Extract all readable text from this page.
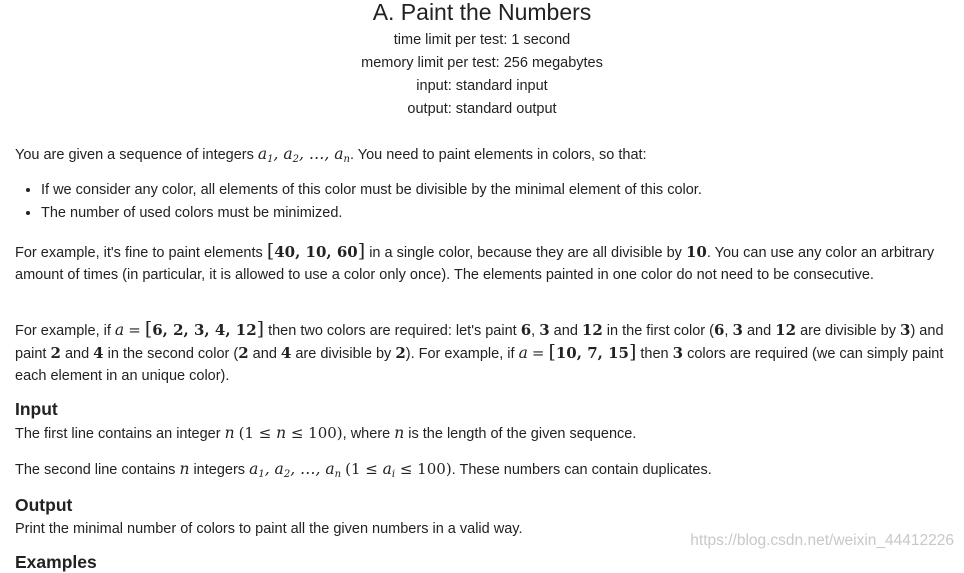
A. Paint the Numbers
time limit per test: 1 second
memory limit per test: 256 megabytes
input: standard input
output: standard output
You are given a sequence of integers $a_1$, $a_2$, …, $a_n$. You need to paint elements in colors, so that:
• If we consider any color, all elements of this color must be divisible by the minimal element of this color.
• The number of used colors must be minimized.
For example, it's fine to paint elements [40, 10, 60] in a single color, because they are all divisible by 10. You can use any color an arbitrary amount of times (in particular, it is allowed to use a color only once). The elements painted in one color do not need to be consecutive.
For example, if a = [6, 2, 3, 4, 12] then two colors are required: let's paint 6, 3 and 12 in the first color (6, 3 and 12 are divisible by 3) and paint 2 and 4 in the second color (2 and 4 are divisible by 2). For example, if a = [10, 7, 15] then 3 colors are required (we can simply paint each element in an unique color).
Input
The first line contains an integer n (1 ≤ n ≤ 100), where n is the length of the given sequence.
The second line contains n integers $a_1$, $a_2$, …, $a_n$ $(1 \le a_i \le 100)$. These numbers can contain duplicates.
Output
Print the minimal number of colors to paint all the given numbers in a valid way.
Examples
https://blog.csdn.net/weixin_44412226
